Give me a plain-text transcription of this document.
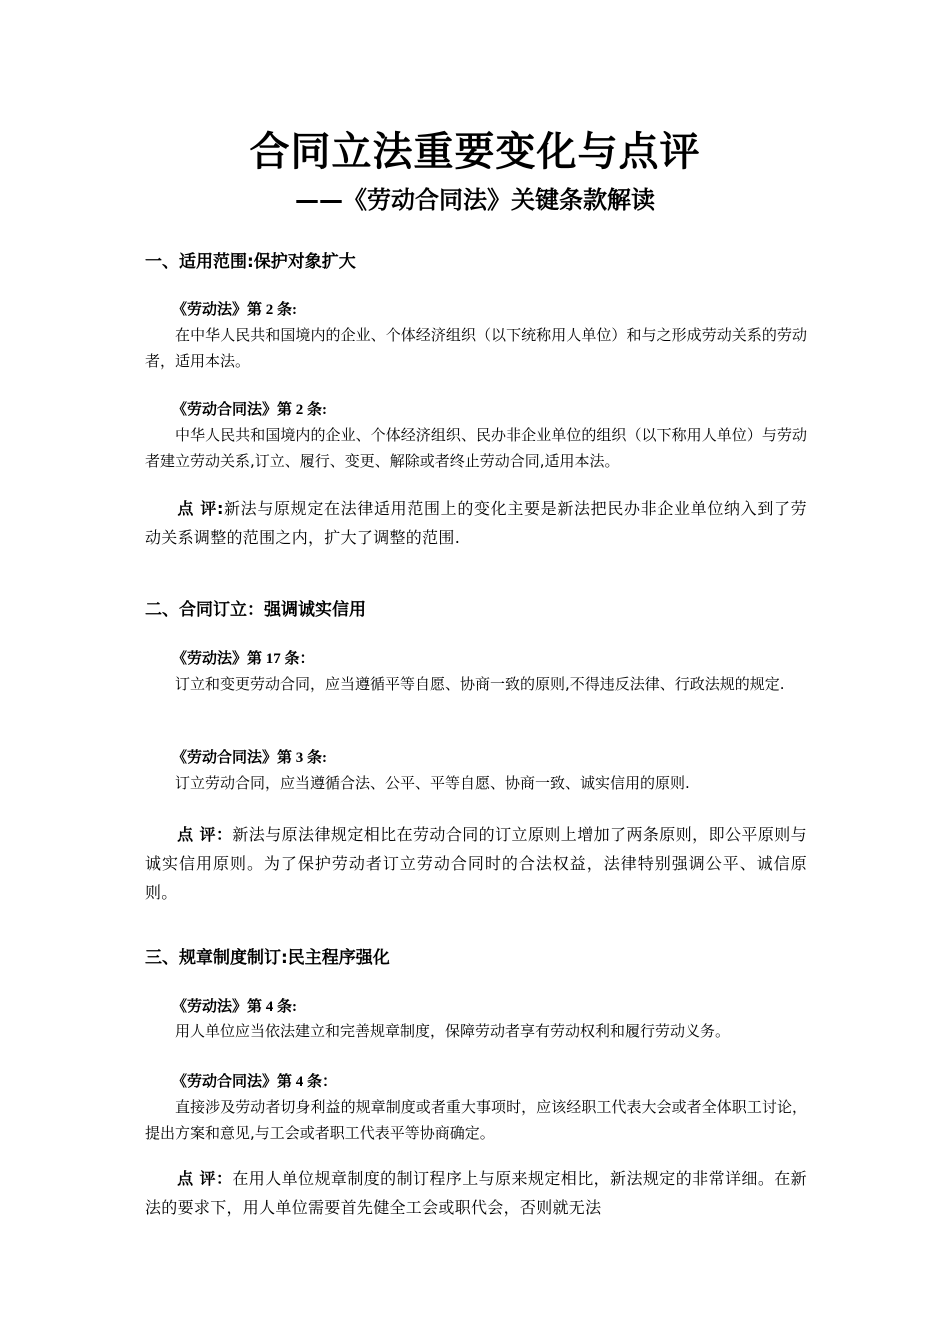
合同立法重要变化与点评
——《劳动合同法》关键条款解读
一、适用范围:保护对象扩大
《劳动法》第 2 条:
在中华人民共和国境内的企业、个体经济组织（以下统称用人单位）和与之形成劳动关系的劳动者，适用本法。
《劳动合同法》第 2 条:
中华人民共和国境内的企业、个体经济组织、民办非企业单位的组织（以下称用人单位）与劳动者建立劳动关系,订立、履行、变更、解除或者终止劳动合同,适用本法。
点 评:新法与原规定在法律适用范围上的变化主要是新法把民办非企业单位纳入到了劳动关系调整的范围之内，扩大了调整的范围.
二、合同订立：强调诚实信用
《劳动法》第 17 条：
订立和变更劳动合同，应当遵循平等自愿、协商一致的原则,不得违反法律、行政法规的规定.
《劳动合同法》第 3 条:
订立劳动合同，应当遵循合法、公平、平等自愿、协商一致、诚实信用的原则.
点 评：新法与原法律规定相比在劳动合同的订立原则上增加了两条原则，即公平原则与诚实信用原则。为了保护劳动者订立劳动合同时的合法权益，法律特别强调公平、诚信原则。
三、规章制度制订:民主程序强化
《劳动法》第 4 条:
用人单位应当依法建立和完善规章制度，保障劳动者享有劳动权利和履行劳动义务。
《劳动合同法》第 4 条：
直接涉及劳动者切身利益的规章制度或者重大事项时，应该经职工代表大会或者全体职工讨论，提出方案和意见,与工会或者职工代表平等协商确定。
点 评：在用人单位规章制度的制订程序上与原来规定相比，新法规定的非常详细。在新法的要求下，用人单位需要首先健全工会或职代会，否则就无法
